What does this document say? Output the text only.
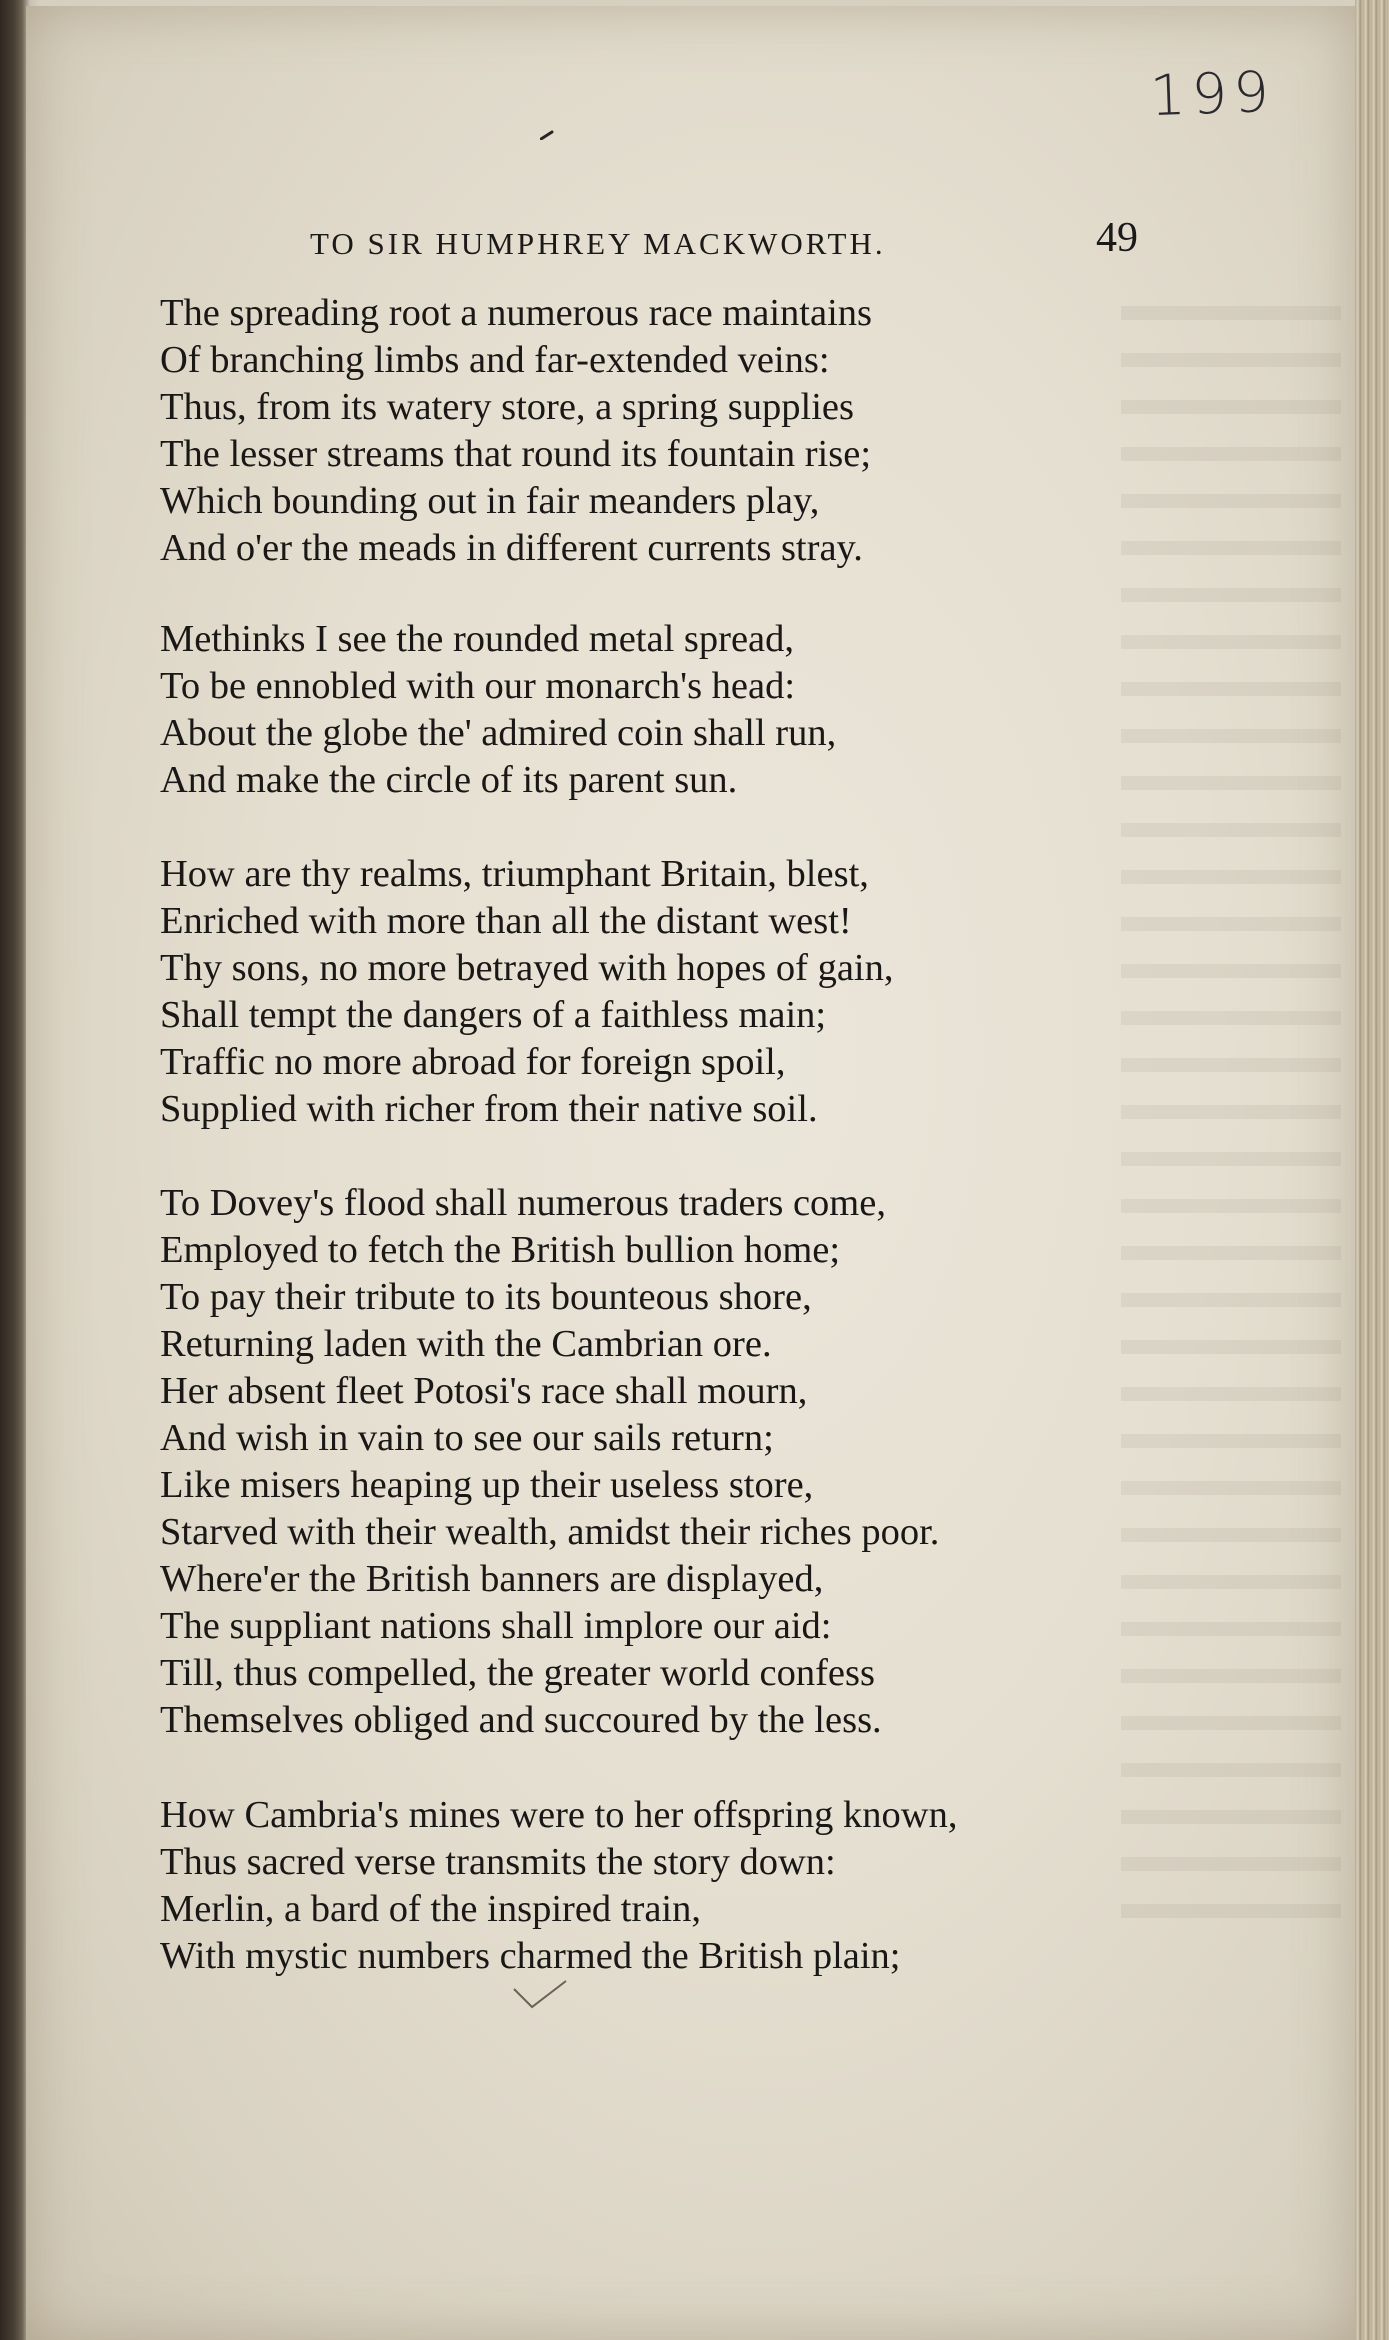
199
TO SIR HUMPHREY MACKWORTH.	49
The spreading root a numerous race maintains
Of branching limbs and far-extended veins:
Thus, from its watery store, a spring supplies
The lesser streams that round its fountain rise;
Which bounding out in fair meanders play,
And o'er the meads in different currents stray.
Methinks I see the rounded metal spread,
To be ennobled with our monarch's head:
About the globe the' admired coin shall run,
And make the circle of its parent sun.
How are thy realms, triumphant Britain, blest,
Enriched with more than all the distant west!
Thy sons, no more betrayed with hopes of gain,
Shall tempt the dangers of a faithless main;
Traffic no more abroad for foreign spoil,
Supplied with richer from their native soil.
To Dovey's flood shall numerous traders come,
Employed to fetch the British bullion home;
To pay their tribute to its bounteous shore,
Returning laden with the Cambrian ore.
Her absent fleet Potosi's race shall mourn,
And wish in vain to see our sails return;
Like misers heaping up their useless store,
Starved with their wealth, amidst their riches poor.
Where'er the British banners are displayed,
The suppliant nations shall implore our aid:
Till, thus compelled, the greater world confess
Themselves obliged and succoured by the less.
How Cambria's mines were to her offspring known,
Thus sacred verse transmits the story down:
Merlin, a bard of the inspired train,
With mystic numbers charmed the British plain;
